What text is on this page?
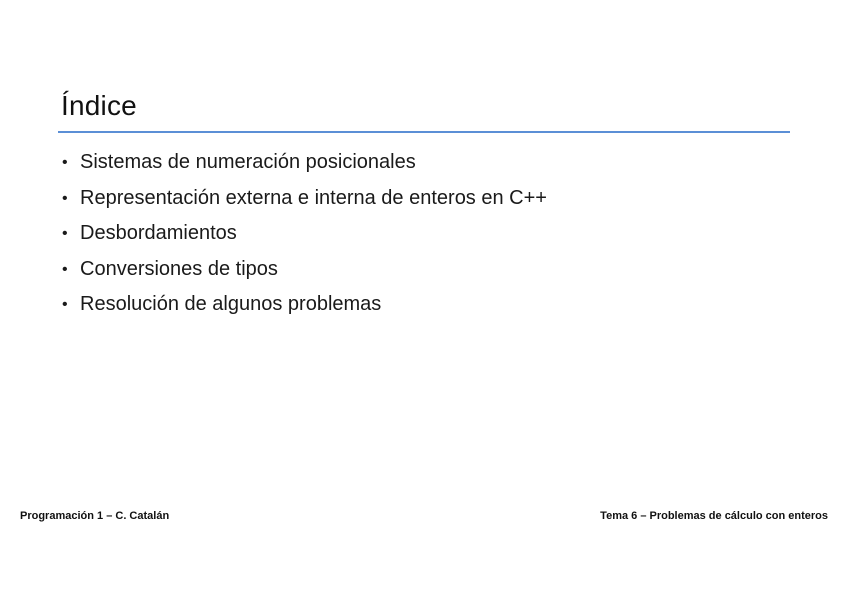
Índice
• Sistemas de numeración posicionales
• Representación externa e interna de enteros en C++
• Desbordamientos
• Conversiones de tipos
• Resolución de algunos problemas
Programación 1 – C. Catalán	Tema 6 – Problemas de cálculo con enteros
